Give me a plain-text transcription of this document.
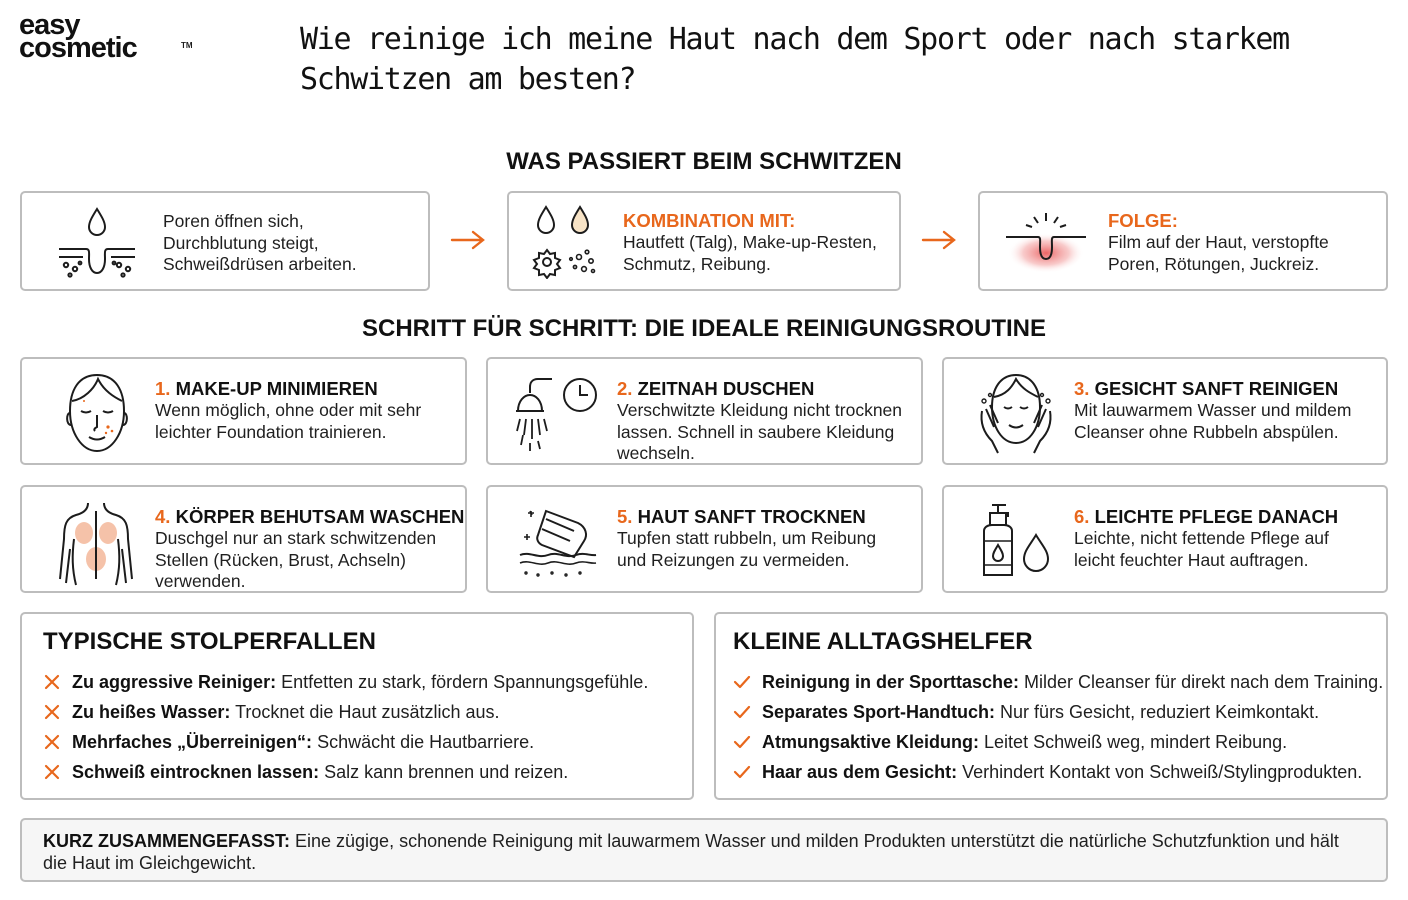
easy
cosmetic	TM	Wie reinige ich meine Haut nach dem Sport oder nach starkem Schwitzen am besten?
WAS PASSIERT BEIM SCHWITZEN
Poren öffnen sich,
Durchblutung steigt,
Schweißdrüsen arbeiten.
KOMBINATION MIT:
Hautfett (Talg), Make-up-Resten,
Schmutz, Reibung.
FOLGE:
Film auf der Haut, verstopfte
Poren, Rötungen, Juckreiz.
SCHRITT FÜR SCHRITT: DIE IDEALE REINIGUNGSROUTINE
1. MAKE-UP MINIMIEREN
Wenn möglich, ohne oder mit sehr
leichter Foundation trainieren.
2. ZEITNAH DUSCHEN
Verschwitzte Kleidung nicht trocknen
lassen. Schnell in saubere Kleidung
wechseln.
3. GESICHT SANFT REINIGEN
Mit lauwarmem Wasser und mildem
Cleanser ohne Rubbeln abspülen.
4. KÖRPER BEHUTSAM WASCHEN
Duschgel nur an stark schwitzenden
Stellen (Rücken, Brust, Achseln)
verwenden.
5. HAUT SANFT TROCKNEN
Tupfen statt rubbeln, um Reibung
und Reizungen zu vermeiden.
6. LEICHTE PFLEGE DANACH
Leichte, nicht fettende Pflege auf
leicht feuchter Haut auftragen.
TYPISCHE STOLPERFALLEN
Zu aggressive Reiniger: Entfetten zu stark, fördern Spannungsgefühle.
Zu heißes Wasser: Trocknet die Haut zusätzlich aus.
Mehrfaches „Überreinigen“: Schwächt die Hautbarriere.
Schweiß eintrocknen lassen: Salz kann brennen und reizen.
KLEINE ALLTAGSHELFER
Reinigung in der Sporttasche: Milder Cleanser für direkt nach dem Training.
Separates Sport-Handtuch: Nur fürs Gesicht, reduziert Keimkontakt.
Atmungsaktive Kleidung: Leitet Schweiß weg, mindert Reibung.
Haar aus dem Gesicht: Verhindert Kontakt von Schweiß/Stylingprodukten.
KURZ ZUSAMMENGEFASST: Eine zügige, schonende Reinigung mit lauwarmem Wasser und milden Produkten unterstützt die natürliche Schutzfunktion und hält die Haut im Gleichgewicht.
